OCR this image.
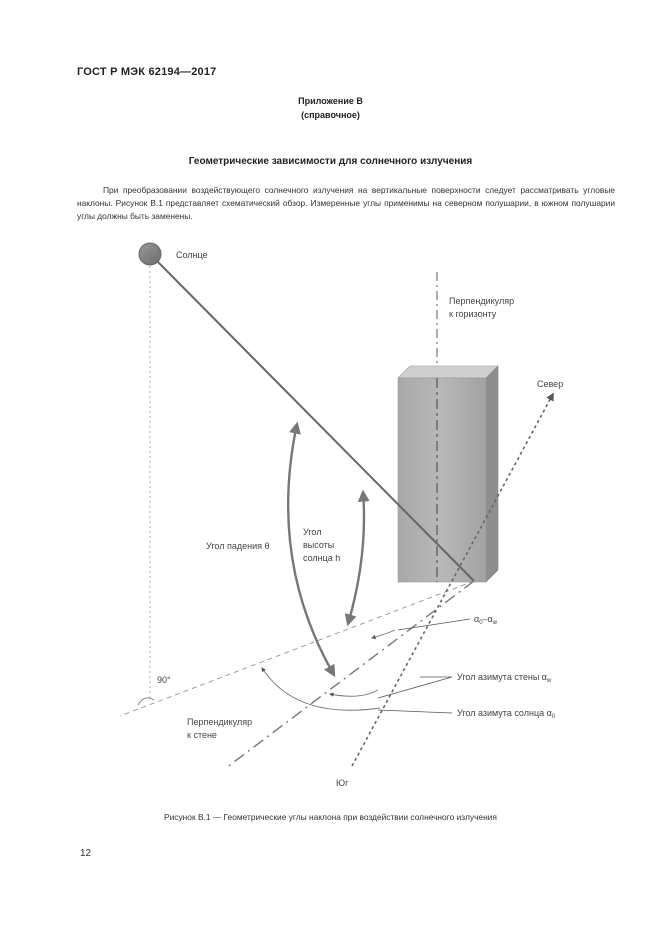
ГОСТ Р МЭК 62194—2017
Приложение В
(справочное)
Геометрические зависимости для солнечного излучения

При преобразовании воздействующего солнечного излучения на вертикальные поверхности следует рассматривать угловые наклоны. Рисунок В.1 представляет схематический обзор. Измеренные углы применимы на северном полушарии, в южном полушарии углы должны быть заменены.

Солнце
Перпендикуляр
к горизонту
Север
Угол падения θ
Угол
высоты
солнца h
$\alpha_0-\alpha_w$
Угол азимута стены $\alpha_w$
Угол азимута солнца $\alpha_0$
90°
Перпендикуляр
к стене
Юг
Рисунок В.1 — Геометрические углы наклона при воздействии солнечного излучения
12
